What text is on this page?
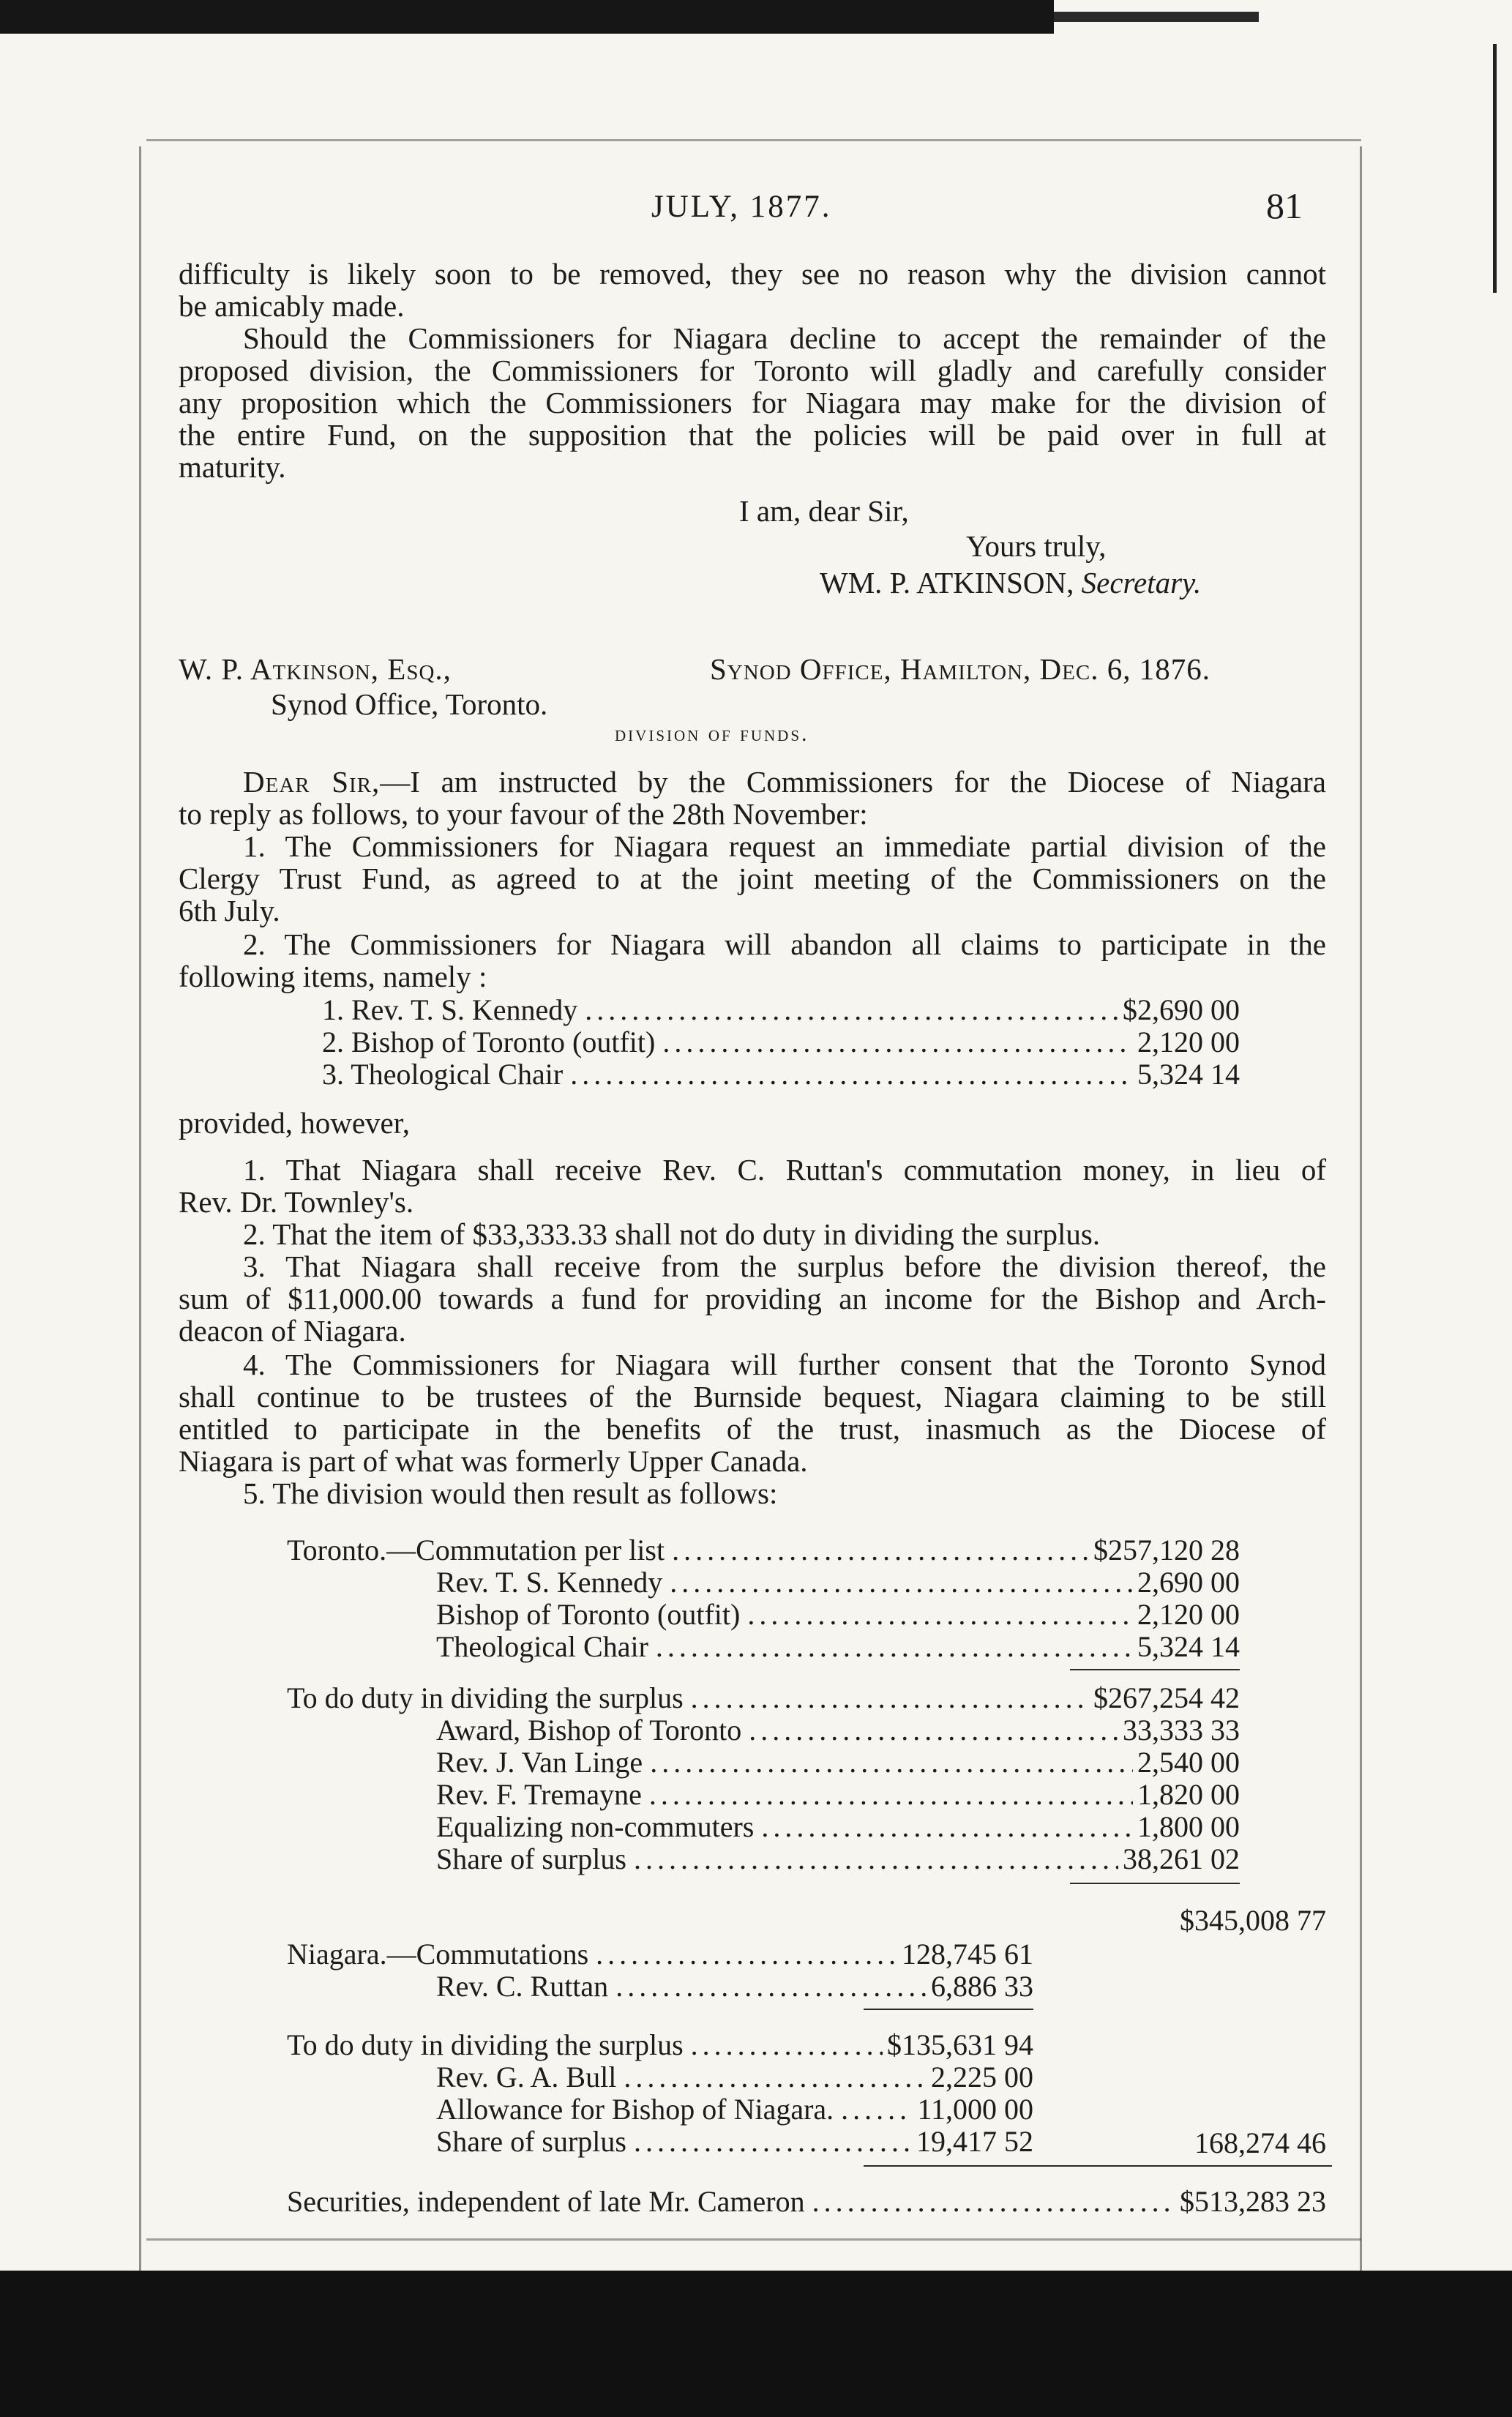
JULY, 1877.	81
difficulty is likely soon to be removed, they see no reason why the division cannot
be amicably made.
Should the Commissioners for Niagara decline to accept the remainder of the
proposed division, the Commissioners for Toronto will gladly and carefully consider
any proposition which the Commissioners for Niagara may make for the division of
the entire Fund, on the supposition that the policies will be paid over in full at
maturity.
I am, dear Sir,
Yours truly,
WM. P. ATKINSON, Secretary.
W. P. Atkinson, Esq.,	Synod Office, Hamilton, Dec. 6, 1876.
Synod Office, Toronto.
division of funds.
Dear Sir,—I am instructed by the Commissioners for the Diocese of Niagara
to reply as follows, to your favour of the 28th November:
1. The Commissioners for Niagara request an immediate partial division of the
Clergy Trust Fund, as agreed to at the joint meeting of the Commissioners on the
6th July.
2. The Commissioners for Niagara will abandon all claims to participate in the
following items, namely :
1. Rev. T. S. Kennedy .....	$2,690 00
2. Bishop of Toronto (outfit) .....	2,120 00
3. Theological Chair .....	5,324 14
provided, however,
1. That Niagara shall receive Rev. C. Ruttan's commutation money, in lieu of
Rev. Dr. Townley's.
2. That the item of $33,333.33 shall not do duty in dividing the surplus.
3. That Niagara shall receive from the surplus before the division thereof, the
sum of $11,000.00 towards a fund for providing an income for the Bishop and Arch-
deacon of Niagara.
4. The Commissioners for Niagara will further consent that the Toronto Synod
shall continue to be trustees of the Burnside bequest, Niagara claiming to be still
entitled to participate in the benefits of the trust, inasmuch as the Diocese of
Niagara is part of what was formerly Upper Canada.
5. The division would then result as follows:
Toronto.—Commutation per list .....	$257,120 28
Rev. T. S. Kennedy .....	2,690 00
Bishop of Toronto (outfit) .....	2,120 00
Theological Chair .....	5,324 14
To do duty in dividing the surplus .....	$267,254 42
Award, Bishop of Toronto .....	33,333 33
Rev. J. Van Linge .....	2,540 00
Rev. F. Tremayne .....	1,820 00
Equalizing non-commuters .....	1,800 00
Share of surplus .....	38,261 02
$345,008 77
Niagara.—Commutations .....	128,745 61
Rev. C. Ruttan .....	6,886 33
To do duty in dividing the surplus .....	$135,631 94
Rev. G. A. Bull .....	2,225 00
Allowance for Bishop of Niagara. .....	11,000 00
Share of surplus .....	19,417 52	168,274 46
Securities, independent of late Mr. Cameron .....	$513,283 23
